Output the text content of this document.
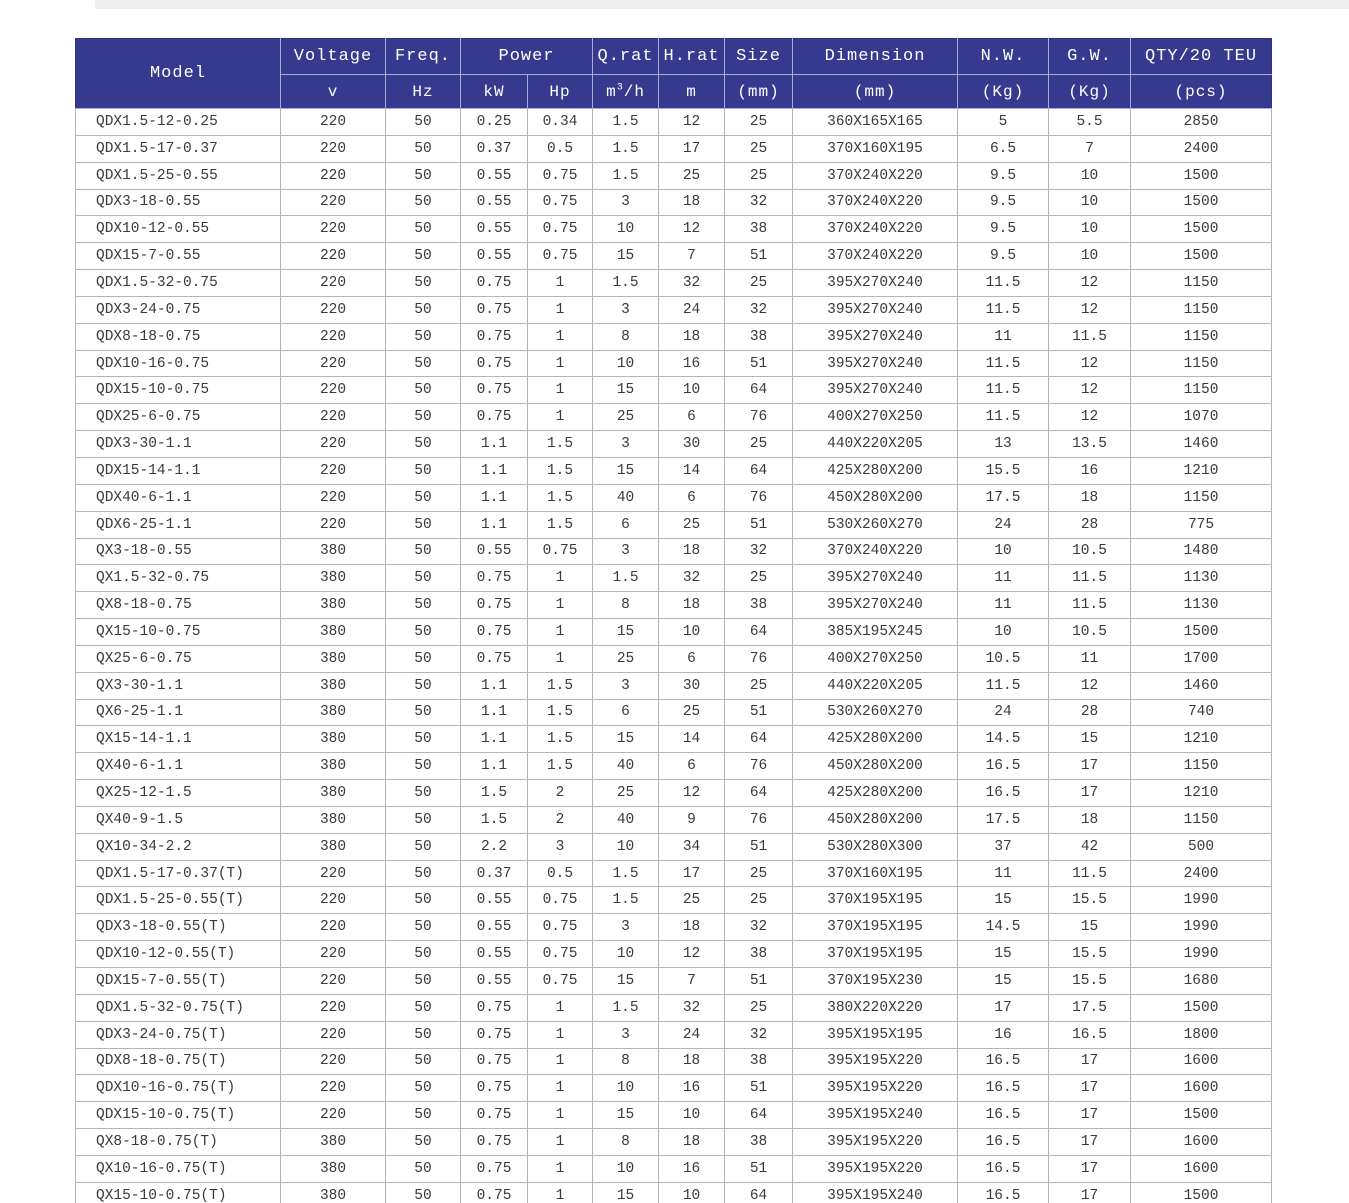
Model	Voltage	Freq.	Power		Q.rat	H.rat	Size	Dimension	N.W.	G.W.	QTY/20 TEU
	v	Hz	kW	Hp	$m^3/h$	m	(mm)	(mm)	(Kg)	(Kg)	(pcs)
QDX1.5-12-0.25	220	50	0.25	0.34	1.5	12	25	360X165X165	5	5.5	2850
QDX1.5-17-0.37	220	50	0.37	0.5	1.5	17	25	370X160X195	6.5	7	2400
QDX1.5-25-0.55	220	50	0.55	0.75	1.5	25	25	370X240X220	9.5	10	1500
QDX3-18-0.55	220	50	0.55	0.75	3	18	32	370X240X220	9.5	10	1500
QDX10-12-0.55	220	50	0.55	0.75	10	12	38	370X240X220	9.5	10	1500
QDX15-7-0.55	220	50	0.55	0.75	15	7	51	370X240X220	9.5	10	1500
QDX1.5-32-0.75	220	50	0.75	1	1.5	32	25	395X270X240	11.5	12	1150
QDX3-24-0.75	220	50	0.75	1	3	24	32	395X270X240	11.5	12	1150
QDX8-18-0.75	220	50	0.75	1	8	18	38	395X270X240	11	11.5	1150
QDX10-16-0.75	220	50	0.75	1	10	16	51	395X270X240	11.5	12	1150
QDX15-10-0.75	220	50	0.75	1	15	10	64	395X270X240	11.5	12	1150
QDX25-6-0.75	220	50	0.75	1	25	6	76	400X270X250	11.5	12	1070
QDX3-30-1.1	220	50	1.1	1.5	3	30	25	440X220X205	13	13.5	1460
QDX15-14-1.1	220	50	1.1	1.5	15	14	64	425X280X200	15.5	16	1210
QDX40-6-1.1	220	50	1.1	1.5	40	6	76	450X280X200	17.5	18	1150
QDX6-25-1.1	220	50	1.1	1.5	6	25	51	530X260X270	24	28	775
QX3-18-0.55	380	50	0.55	0.75	3	18	32	370X240X220	10	10.5	1480
QX1.5-32-0.75	380	50	0.75	1	1.5	32	25	395X270X240	11	11.5	1130
QX8-18-0.75	380	50	0.75	1	8	18	38	395X270X240	11	11.5	1130
QX15-10-0.75	380	50	0.75	1	15	10	64	385X195X245	10	10.5	1500
QX25-6-0.75	380	50	0.75	1	25	6	76	400X270X250	10.5	11	1700
QX3-30-1.1	380	50	1.1	1.5	3	30	25	440X220X205	11.5	12	1460
QX6-25-1.1	380	50	1.1	1.5	6	25	51	530X260X270	24	28	740
QX15-14-1.1	380	50	1.1	1.5	15	14	64	425X280X200	14.5	15	1210
QX40-6-1.1	380	50	1.1	1.5	40	6	76	450X280X200	16.5	17	1150
QX25-12-1.5	380	50	1.5	2	25	12	64	425X280X200	16.5	17	1210
QX40-9-1.5	380	50	1.5	2	40	9	76	450X280X200	17.5	18	1150
QX10-34-2.2	380	50	2.2	3	10	34	51	530X280X300	37	42	500
QDX1.5-17-0.37(T)	220	50	0.37	0.5	1.5	17	25	370X160X195	11	11.5	2400
QDX1.5-25-0.55(T)	220	50	0.55	0.75	1.5	25	25	370X195X195	15	15.5	1990
QDX3-18-0.55(T)	220	50	0.55	0.75	3	18	32	370X195X195	14.5	15	1990
QDX10-12-0.55(T)	220	50	0.55	0.75	10	12	38	370X195X195	15	15.5	1990
QDX15-7-0.55(T)	220	50	0.55	0.75	15	7	51	370X195X230	15	15.5	1680
QDX1.5-32-0.75(T)	220	50	0.75	1	1.5	32	25	380X220X220	17	17.5	1500
QDX3-24-0.75(T)	220	50	0.75	1	3	24	32	395X195X195	16	16.5	1800
QDX8-18-0.75(T)	220	50	0.75	1	8	18	38	395X195X220	16.5	17	1600
QDX10-16-0.75(T)	220	50	0.75	1	10	16	51	395X195X220	16.5	17	1600
QDX15-10-0.75(T)	220	50	0.75	1	15	10	64	395X195X240	16.5	17	1500
QX8-18-0.75(T)	380	50	0.75	1	8	18	38	395X195X220	16.5	17	1600
QX10-16-0.75(T)	380	50	0.75	1	10	16	51	395X195X220	16.5	17	1600
QX15-10-0.75(T)	380	50	0.75	1	15	10	64	395X195X240	16.5	17	1500
